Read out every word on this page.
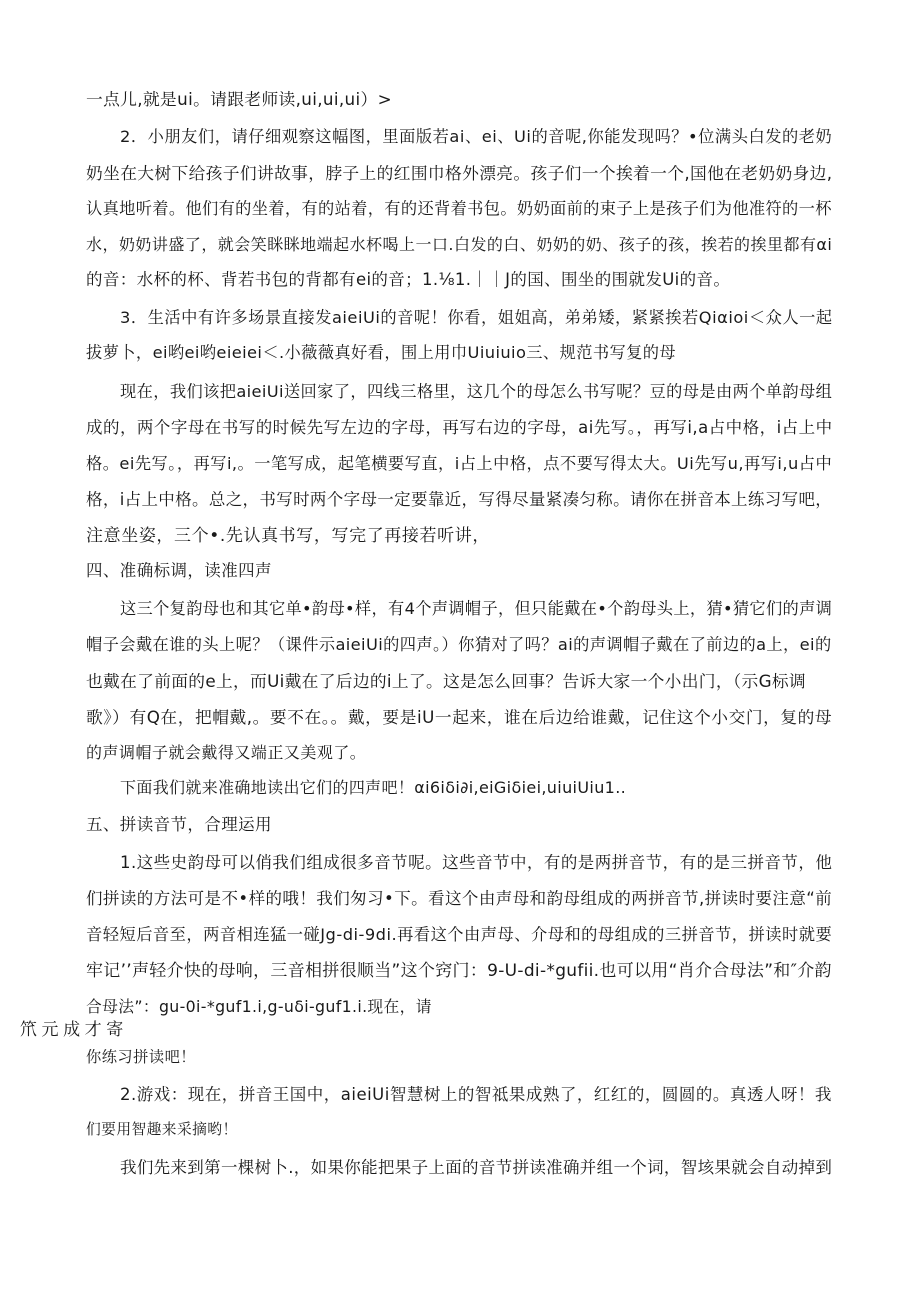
一点儿,就是ui。请跟老师读,ui,ui,ui）>
2．小朋友们，请仔细观察这幅图，里面版若ai、ei、Ui的音呢,你能发现吗？•位满头白发的老奶
奶坐在大树下给孩子们讲故事，脖子上的红围巾格外漂亮。孩子们一个挨着一个,国他在老奶奶身边,
认真地听着。他们有的坐着，有的站着，有的还背着书包。奶奶面前的束子上是孩子们为他准符的一杯
水，奶奶讲盛了，就会笑眯眯地端起水杯喝上一口.白发的白、奶奶的奶、孩子的孩，挨若的挨里都有αi
的音：水杯的杯、背若书包的背都有ei的音；1.⅛1.｜｜J的国、围坐的围就发Ui的音。
3．生活中有许多场景直接发aieiUi的音呢！你看，姐姐高，弟弟矮，紧紧挨若Qiαioi＜众人一起
拔萝卜，ei哟ei哟eieiei＜.小薇薇真好看，围上用巾Uiuiuio三、规范书写复的母
现在，我们该把aieiUi送回家了，四线三格里，这几个的母怎么书写呢？豆的母是由两个单韵母组
成的，两个字母在书写的时候先写左边的字母，再写右边的字母，ai先写。，再写i,a占中格，i占上中
格。ei先写。，再写i,。一笔写成，起笔横要写直，i占上中格，点不要写得太大。Ui先写u,再写i,u占中
格，i占上中格。总之，书写时两个字母一定要靠近，写得尽量紧凑匀称。请你在拼音本上练习写吧，
注意坐姿，三个•.先认真书写，写完了再接若听讲，
四、准确标调，读准四声
这三个复韵母也和其它单•韵母•样，有4个声调帽子，但只能戴在•个韵母头上，猜•猜它们的声调
帽子会戴在谁的头上呢？（课件示aieiUi的四声。）你猜对了吗？ai的声调帽子戴在了前边的a上，ei的
也戴在了前面的e上，而Ui戴在了后边的i上了。这是怎么回事？告诉大家一个小出门，（示G标调
歌》）有Q在，把帽戴,。要不在。。戴，要是iU一起来，谁在后边给谁戴，记住这个小交门，复的母
的声调帽子就会戴得又端正又美观了。
下面我们就来准确地读出它们的四声吧！αi6iδi∂i,eiGiδiei,uiuiUiu1..
五、拼读音节，合理运用
1.这些史韵母可以俏我们组成很多音节呢。这些音节中，有的是两拼音节，有的是三拼音节，他
们拼读的方法可是不•样的哦！我们匆习•下。看这个由声母和韵母组成的两拼音节,拼读时要注意“前
音轻短后音至，两音相连猛一碰Jg-di-9di.再看这个由声母、介母和的母组成的三拼音节，拼读时就要
牢记’’声轻介快的母响，三音相拼很顺当”这个窍门：9-U-di-*gufii.也可以用“肖介合母法”和″介韵
合母法”：gu-0i-*guf1.i,g-uδi-guf1.i.现在，请
笊元成才寄
你练习拼读吧！
2.游戏：现在，拼音王国中，aieiUi智慧树上的智祗果成熟了，红红的，圆圆的。真透人呀！我
们要用智趣来采摘哟！
我们先来到第一棵树卜.，如果你能把果子上面的音节拼读准确并组一个词，智垓果就会自动掉到
